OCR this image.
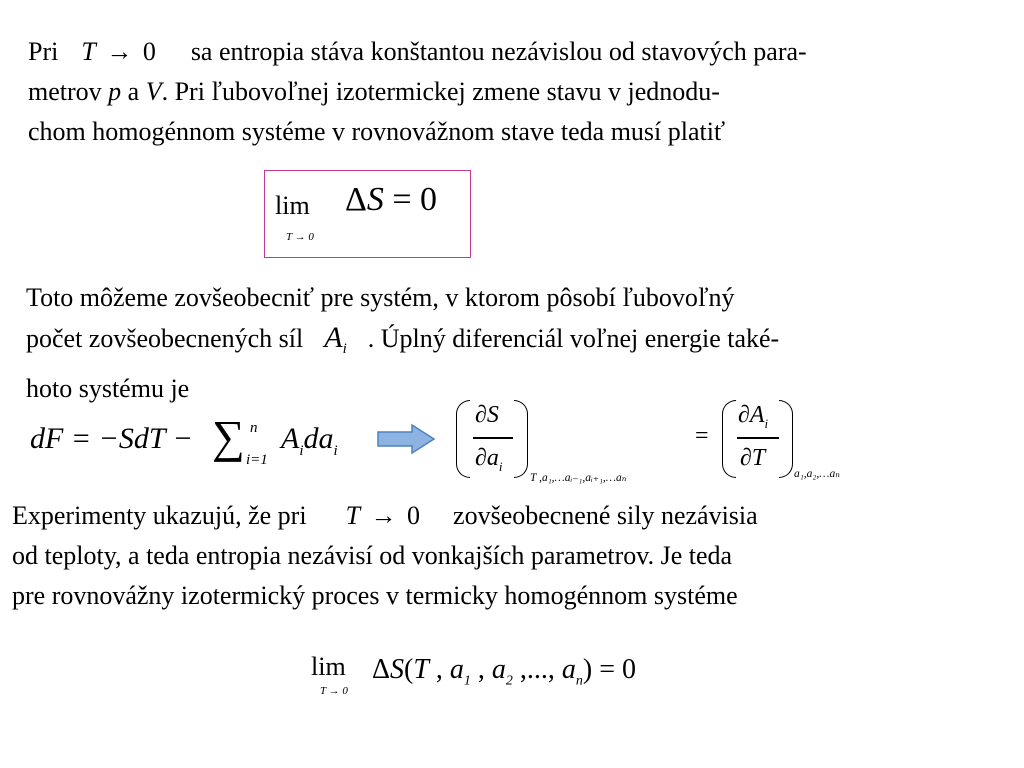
Pri T → 0 sa entropia stáva konštantou nezávislou od stavových para-
metrov p a V. Pri ľubovoľnej izotermickej zmene stavu v jednodu-
chom homogénnom systéme v rovnovážnom stave teda musí platiť
lim
T → 0
ΔS = 0
Toto môžeme zovšeobecniť pre systém, v ktorom pôsobí ľubovoľný
počet zovšeobecnených síl $A_i$ . Úplný diferenciál voľnej energie také-
hoto systému je
dF = −SdT − ∑ n
i=1
$A_ida_i$
∂S
$\partial a_i$
T ,a₁,…aᵢ₋₁,aᵢ₊₁,…aₙ
=
$\partial A_i$
∂T
a₁,a₂,…aₙ
Experimenty ukazujú, že pri T → 0 zovšeobecnené sily nezávisia
od teploty, a teda entropia nezávisí od vonkajších parametrov. Je teda
pre rovnovážny izotermický proces v termicky homogénnom systéme
lim
T → 0
ΔS(T , $a_1$ , $a_2$ ,..., $a_n) = 0$
